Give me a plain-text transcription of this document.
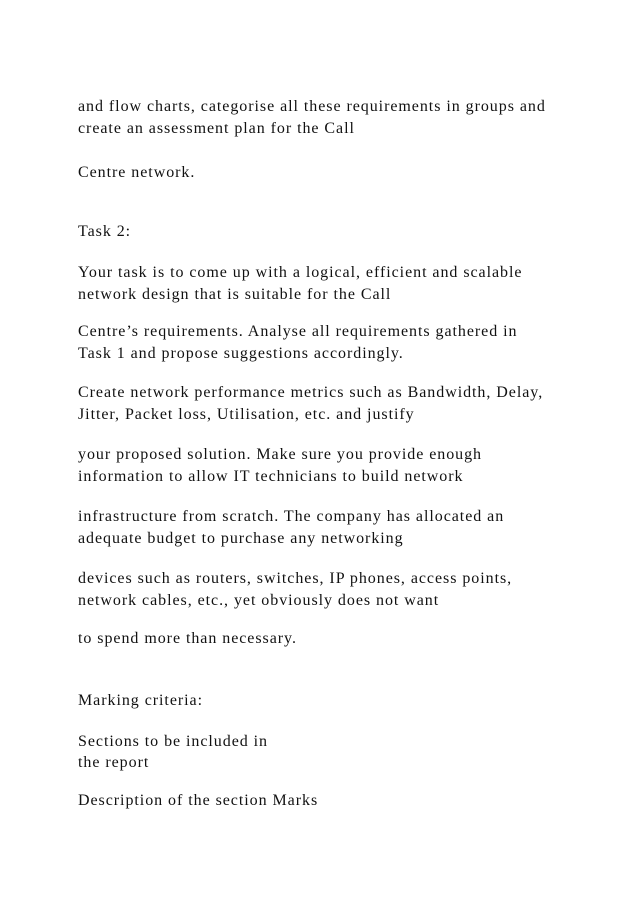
and flow charts, categorise all these requirements in groups and
create an assessment plan for the Call
Centre network.
Task 2:
Your task is to come up with a logical, efficient and scalable
network design that is suitable for the Call
Centre’s requirements. Analyse all requirements gathered in
Task 1 and propose suggestions accordingly.
Create network performance metrics such as Bandwidth, Delay,
Jitter, Packet loss, Utilisation, etc. and justify
your proposed solution. Make sure you provide enough
information to allow IT technicians to build network
infrastructure from scratch. The company has allocated an
adequate budget to purchase any networking
devices such as routers, switches, IP phones, access points,
network cables, etc., yet obviously does not want
to spend more than necessary.
Marking criteria:
Sections to be included in
the report
Description of the section Marks
